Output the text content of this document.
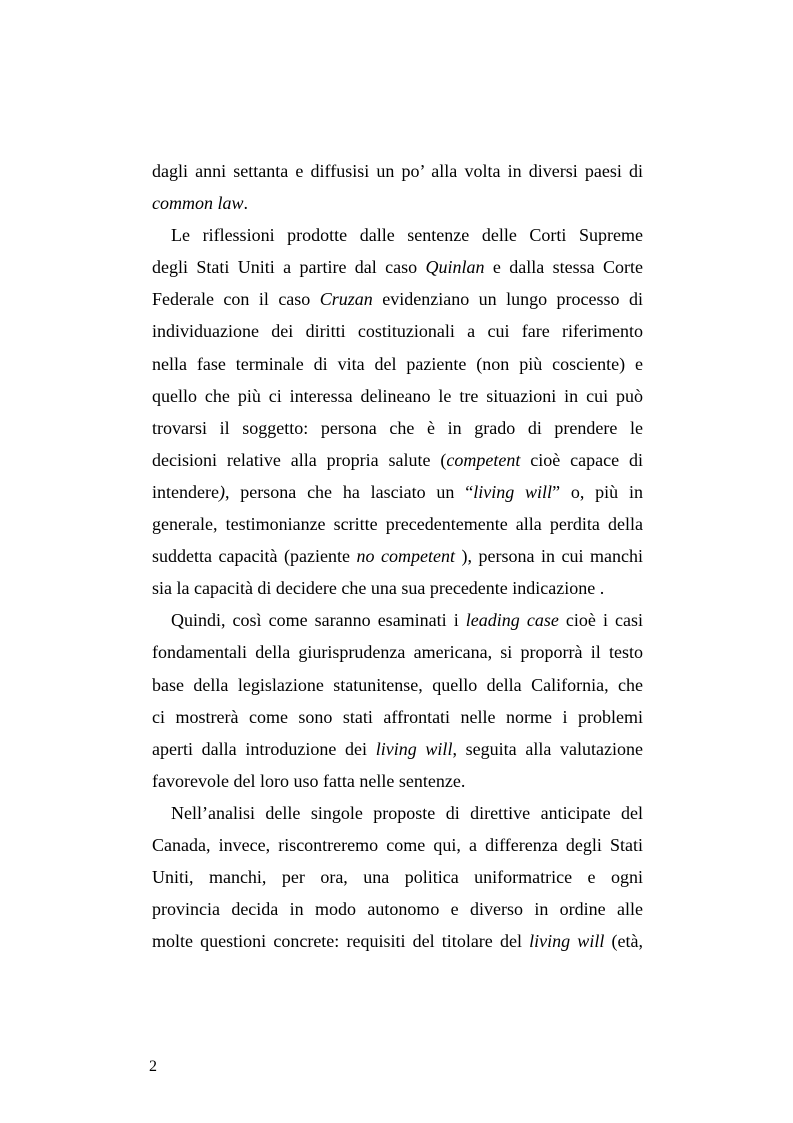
dagli anni settanta e diffusisi un po’ alla volta in diversi paesi di
common law.
Le riflessioni prodotte dalle sentenze delle Corti Supreme
degli Stati Uniti a partire dal caso Quinlan e dalla stessa Corte
Federale con il caso Cruzan evidenziano un lungo processo di
individuazione dei diritti costituzionali a cui fare riferimento
nella fase terminale di vita del paziente (non più cosciente) e
quello che più ci interessa delineano le tre situazioni in cui può
trovarsi il soggetto: persona che è in grado di prendere le
decisioni relative alla propria salute (competent cioè capace di
intendere), persona che ha lasciato un “living will” o, più in
generale, testimonianze scritte precedentemente alla perdita della
suddetta capacità (paziente no competent ), persona in cui manchi
sia la capacità di decidere che una sua precedente indicazione .
Quindi, così come saranno esaminati i leading case cioè i casi
fondamentali della giurisprudenza americana, si proporrà il testo
base della legislazione statunitense, quello della California, che
ci mostrerà come sono stati affrontati nelle norme i problemi
aperti dalla introduzione dei living will, seguita alla valutazione
favorevole del loro uso fatta nelle sentenze.
Nell’analisi delle singole proposte di direttive anticipate del
Canada, invece, riscontreremo come qui, a differenza degli Stati
Uniti, manchi, per ora, una politica uniformatrice e ogni
provincia decida in modo autonomo e diverso in ordine alle
molte questioni concrete: requisiti del titolare del living will (età,
2
